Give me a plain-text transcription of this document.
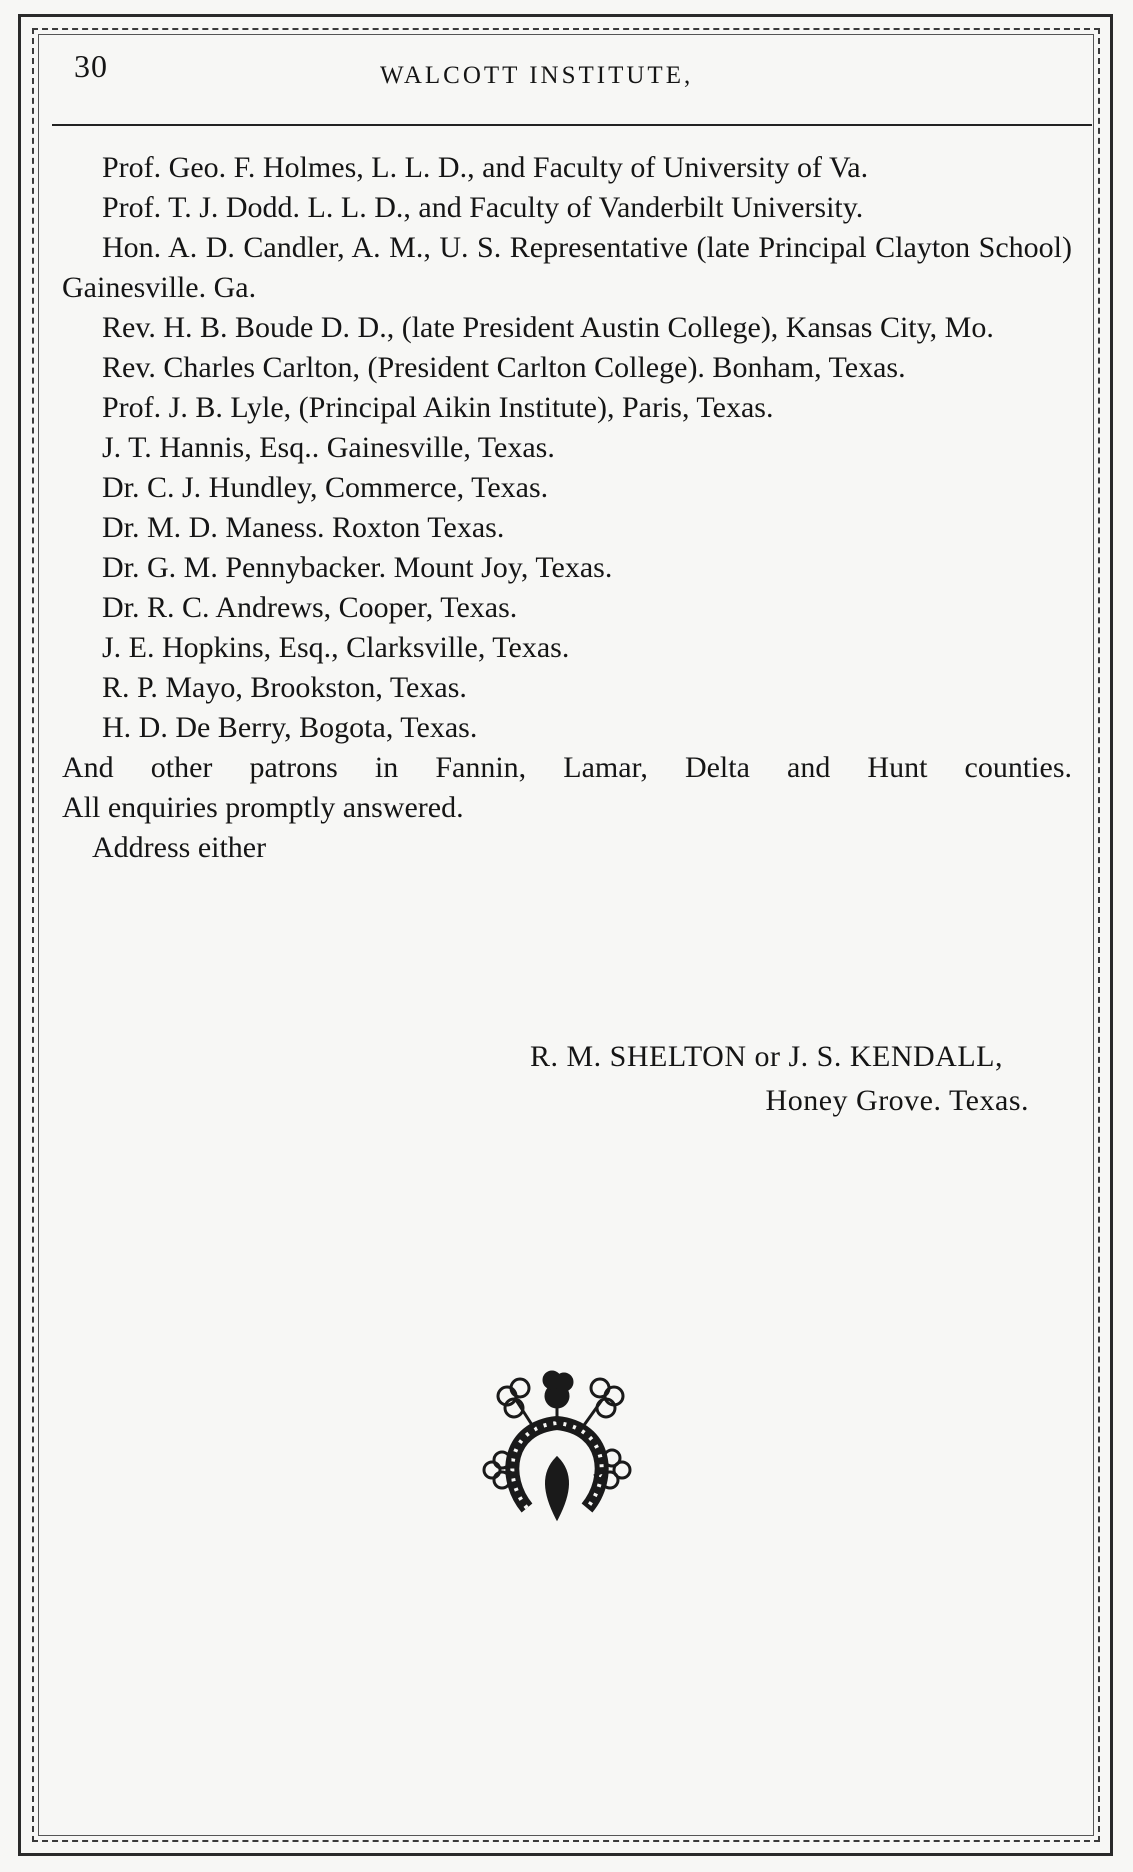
30	WALCOTT INSTITUTE,

Prof. Geo. F. Holmes, L. L. D., and Faculty of University of Va.

Prof. T. J. Dodd. L. L. D., and Faculty of Vanderbilt University.

Hon. A. D. Candler, A. M., U. S. Representative (late Principal Clayton School) Gainesville. Ga.

Rev. H. B. Boude D. D., (late President Austin College), Kansas City, Mo.

Rev. Charles Carlton, (President Carlton College). Bonham, Texas.

Prof. J. B. Lyle, (Principal Aikin Institute), Paris, Texas.

J. T. Hannis, Esq.. Gainesville, Texas.

Dr. C. J. Hundley, Commerce, Texas.

Dr. M. D. Maness. Roxton Texas.

Dr. G. M. Pennybacker. Mount Joy, Texas.

Dr. R. C. Andrews, Cooper, Texas.

J. E. Hopkins, Esq., Clarksville, Texas.

R. P. Mayo, Brookston, Texas.

H. D. De Berry, Bogota, Texas.

And other patrons in Fannin, Lamar, Delta and Hunt counties.

All enquiries promptly answered.

Address either

R. M. SHELTON or J. S. KENDALL,
Honey Grove. Texas.
